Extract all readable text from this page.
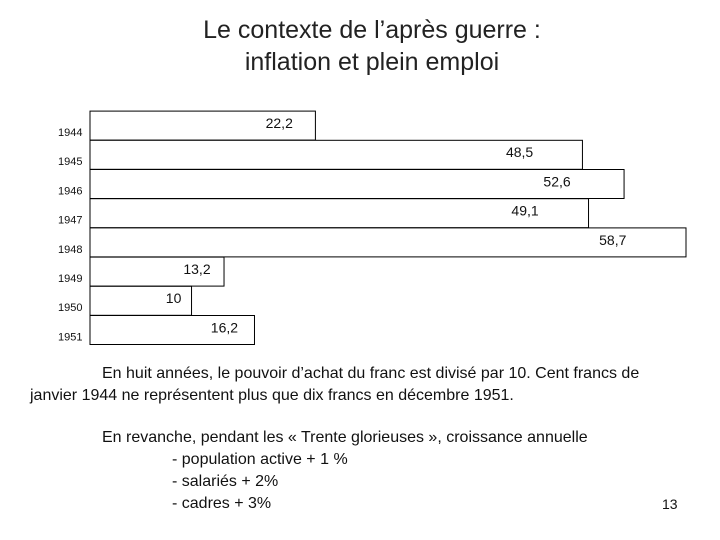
Le contexte de l’après guerre :
inflation et plein emploi
1944
22,2
1945
48,5
1946
52,6
1947
49,1
1948
58,7
1949
13,2
1950
10
1951
16,2
En huit années, le pouvoir d’achat du franc est divisé par 10. Cent francs de
janvier 1944 ne représentent plus que dix francs en décembre 1951.
En revanche, pendant les « Trente glorieuses », croissance annuelle
- population active + 1 %
- salariés + 2%
- cadres + 3%	13
